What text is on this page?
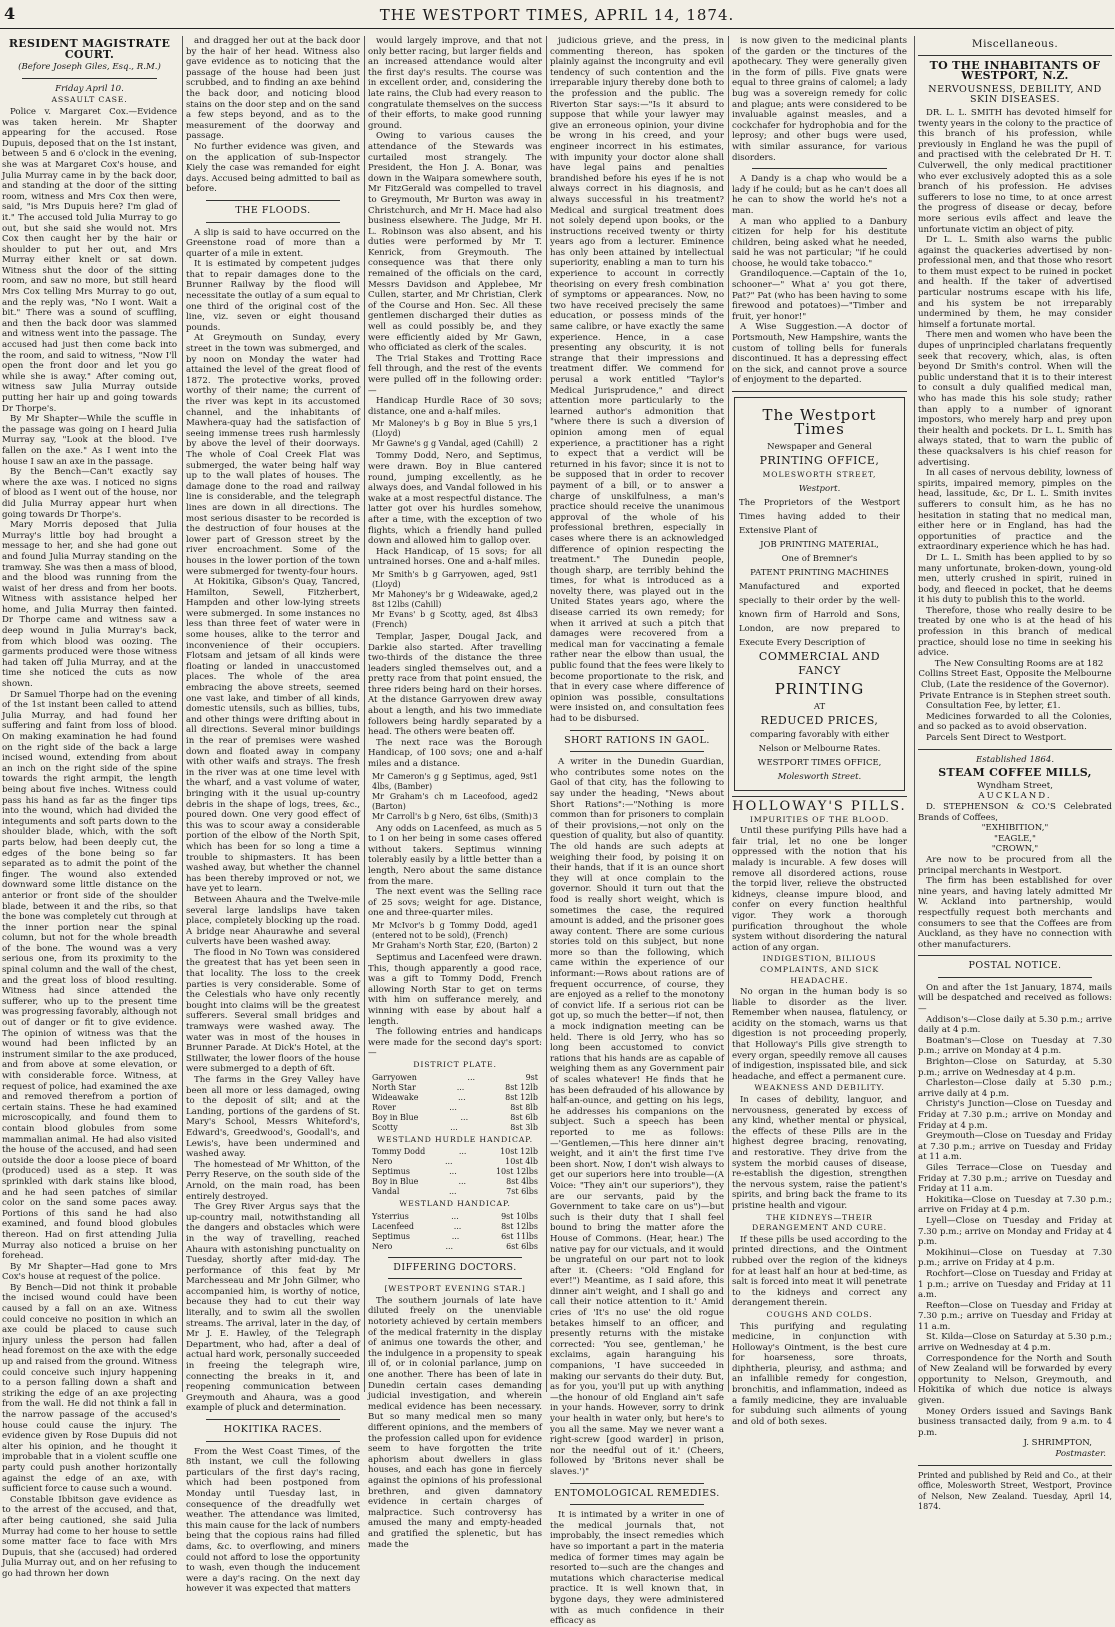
4	THE WESTPORT TIMES, APRIL 14, 1874.
RESIDENT MAGISTRATE COURT.
(Before Joseph Giles, Esq., R.M.)
Friday April 10.
ASSAULT CASE.

Police v. Margaret Cox.—Evidence was taken herein. Mr Shapter appearing for the accused. Rose Dupuis, deposed that on the 1st instant, between 5 and 6 o'clock in the evening, she was at Margaret Cox's house, and Julia Murray came in by the back door, and standing at the door of the sitting room, witness and Mrs Cox then were, said, "is Mrs Dupuis here? I'm glad of it." The accused told Julia Murray to go out, but she said she would not. Mrs Cox then caught her by the hair or shoulder to put her out, and Mrs Murray either knelt or sat down. Witness shut the door of the sitting room, and saw no more, but still heard Mrs Cox telling Mrs Murray to go out, and the reply was, "No I wont. Wait a bit." There was a sound of scuffling, and then the back door was slammed and witness went into the passage. The accused had just then come back into the room, and said to witness, "Now I'll open the front door and let you go while she is away." After coming out, witness saw Julia Murray outside putting her hair up and going towards Dr Thorpe's.

By Mr Shapter—While the scuffle in the passage was going on I heard Julia Murray say, "Look at the blood. I've fallen on the axe." As I went into the house I saw an axe in the passage.

By the Bench—Can't exactly say where the axe was. I noticed no signs of blood as I went out of the house, nor did Julia Murray appear hurt when going towards Dr Thorpe's.

Mary Morris deposed that Julia Murray's little boy had brought a message to her, and she had gone out and found Julia Murray standing on the tramway. She was then a mass of blood, and the blood was running from the waist of her dress and from her boots. Witness with assistance helped her home, and Julia Murray then fainted. Dr Thorpe came and witness saw a deep wound in Julia Murray's back, from which blood was oozing. The garments produced were those witness had taken off Julia Murray, and at the time she noticed the cuts as now shown.

Dr Samuel Thorpe had on the evening of the 1st instant been called to attend Julia Murray, and had found her suffering and faint from loss of blood. On making examination he had found on the right side of the back a large incised wound, extending from about an inch on the right side of the spine towards the right armpit, the length being about five inches. Witness could pass his hand as far as the finger tips into the wound, which had divided the integuments and soft parts down to the shoulder blade, which, with the soft parts below, had been deeply cut, the edges of the bone being so far separated as to admit the point of the finger. The wound also extended downward some little distance on the anterior or front side of the shoulder blade, between it and the ribs, so that the bone was completely cut through at the inner portion near the spinal column, but not for the whole breadth of the bone. The wound was a very serious one, from its proximity to the spinal column and the wall of the chest, and the great loss of blood resulting. Witness had since attended the sufferer, who up to the present time was progressing favorably, although not out of danger or fit to give evidence. The opinion of witness was that the wound had been inflicted by an instrument similar to the axe produced, and from above at some elevation, or with considerable force. Witness, at request of police, had examined the axe and removed therefrom a portion of certain stains. These he had examined microscopically, and found them to contain blood globules from some mammalian animal. He had also visited the house of the accused, and had seen outside the door a loose piece of board (produced) used as a step. It was sprinkled with dark stains like blood, and he had seen patches of similar color on the sand some paces away. Portions of this sand he had also examined, and found blood globules thereon. Had on first attending Julia Murray also noticed a bruise on her forehead.

By Mr Shapter—Had gone to Mrs Cox's house at request of the police.

By Bench—Did not think it probable the incised wound could have been caused by a fall on an axe. Witness could conceive no position in which an axe could be placed to cause such injury unless the person had fallen head foremost on the axe with the edge up and raised from the ground. Witness could conceive such injury happening to a person falling down a shaft and striking the edge of an axe projecting from the wall. He did not think a fall in the narrow passage of the accused's house could cause the injury. The evidence given by Rose Dupuis did not alter his opinion, and he thought it improbable that in a violent scuffle one party could push another horizontally against the edge of an axe, with sufficient force to cause such a wound.

Constable Ibbitson gave evidence as to the arrest of the accused, and that, after being cautioned, she said Julia Murray had come to her house to settle some matter face to face with Mrs Dupuis, that she (accused) had ordered Julia Murray out, and on her refusing to go had thrown her down

and dragged her out at the back door by the hair of her head. Witness also gave evidence as to noticing that the passage of the house had been just scrubbed, and to finding an axe behind the back door, and noticing blood stains on the door step and on the sand a few steps beyond, and as to the measurement of the doorway and passage.

No further evidence was given, and on the application of sub-Inspector Kiely the case was remanded for eight days. Accused being admitted to bail as before.

THE FLOODS.

A slip is said to have occurred on the Greenstone road of more than a quarter of a mile in extent.

It is estimated by competent judges that to repair damages done to the Brunner Railway by the flood will necessitate the outlay of a sum equal to one third of the original cost of the line, viz. seven or eight thousand pounds.

At Greymouth on Sunday, every street in the town was submerged, and by noon on Monday the water had attained the level of the great flood of 1872. The protective works, proved worthy of their name; the current of the river was kept in its accustomed channel, and the inhabitants of Mawhera-quay had the satisfaction of seeing immense trees rush harmlessly by above the level of their doorways. The whole of Coal Creek Flat was submerged, the water being half way up to the wall plates of houses. The damage done to the road and railway line is considerable, and the telegraph lines are down in all directions. The most serious disaster to be recorded is the destruction of four houses at the lower part of Gresson street by the river encroachment. Some of the houses in the lower portion of the town were submerged for twenty-four hours.

At Hokitika, Gibson's Quay, Tancred, Hamilton, Sewell, Fitzherbert, Hampden and other low-lying streets were submerged. In some instances no less than three feet of water were in some houses, alike to the terror and inconvenience of their occupiers. Flotsam and jetsam of all kinds were floating or landed in unaccustomed places. The whole of the area embracing the above streets, seemed one vast lake, and timber of all kinds, domestic utensils, such as billies, tubs, and other things were drifting about in all directions. Several minor buildings in the rear of premises were washed down and floated away in company with other waifs and strays. The fresh in the river was at one time level with the wharf, and a vast volume of water, bringing with it the usual up-country debris in the shape of logs, trees, &c., poured down. One very good effect of this was to scour away a considerable portion of the elbow of the North Spit, which has been for so long a time a trouble to shipmasters. It has been washed away, but whether the channel has been thereby improved or not, we have yet to learn.

Between Ahaura and the Twelve-mile several large landslips have taken place, completely blocking up the road. A bridge near Ahaurawhe and several culverts have been washed away.

The flood in No Town was considered the greatest that has yet been seen in that locality. The loss to the creek parties is very considerable. Some of the Celestials who have only recently bought into claims will be the greatest sufferers. Several small bridges and tramways were washed away. The water was in most of the houses in Brunner Parade. At Dick's Hotel, at the Stillwater, the lower floors of the house were submerged to a depth of 6ft.

The farms in the Grey Valley have been all more or less damaged, owing to the deposit of silt; and at the Landing, portions of the gardens of St. Mary's School, Messrs Whiteford's, Edward's, Greedwood's, Goodall's, and Lewis's, have been undermined and washed away.

The homestead of Mr Whitton, of the Perry Reserve, on the south side of the Arnold, on the main road, has been entirely destroyed.

The Grey River Argus says that the up-country mail, notwithstanding all the dangers and obstacles which were in the way of travelling, reached Ahaura with astonishing punctuality on Tuesday, shortly after mid-day. The performance of this feat by Mr Marchesseau and Mr John Gilmer, who accompanied him, is worthy of notice, because they had to cut their way literally, and to swim all the swollen streams. The arrival, later in the day, of Mr J. E. Hawley, of the Telegraph Department, who had, after a deal of actual hard work, personally succeeded in freeing the telegraph wire, connecting the breaks in it, and reopening communication between Greymouth and Ahaura, was a good example of pluck and determination.

HOKITIKA RACES.

From the West Coast Times, of the 8th instant, we cull the following particulars of the first day's racing, which had been postponed from Monday until Tuesday last, in consequence of the dreadfully wet weather. The attendance was limited, this main cause for the lack of numbers being that the copious rains had filled dams, &c. to overflowing, and miners could not afford to lose the opportunity to wash, even though the inducement were a day's racing. On the next day however it was expected that matters

would largely improve, and that not only better racing, but larger fields and an increased attendance would alter the first day's results. The course was in excellent order, and, considering the late rains, the Club had every reason to congratulate themselves on the success of their efforts, to make good running ground.

Owing to various causes the attendance of the Stewards was curtailed most strangely. The President, the Hon J. A. Bonar, was down in the Waipara somewhere south, Mr FitzGerald was compelled to travel to Greymouth, Mr Burton was away in Christchurch, and Mr H. Mace had also business elsewhere. The Judge, Mr H. L. Robinson was also absent, and his duties were performed by Mr T. Kenrick, from Greymouth. The consequence was that there only remained of the officials on the card, Messrs Davidson and Applebee, Mr Cullen, starter, and Mr Christian, Clerk of the Course and Hon. Sec. All these gentlemen discharged their duties as well as could possibly be, and they were efficiently aided by Mr Gawn, who officiated as clerk of the scales.

The Trial Stakes and Trotting Race fell through, and the rest of the events were pulled off in the following order:—

Handicap Hurdle Race of 30 sovs; distance, one and a-half miles.

Mr Maloney's b g Boy in Blue 5 yrs, (Lloyd)
1
Mr Gawne's g g Vandal, aged (Cahill) 2

Tommy Dodd, Nero, and Septimus, were drawn. Boy in Blue cantered round, jumping excellently, as he always does, and Vandal followed in his wake at a most respectful distance. The latter got over his hurdles somehow, after a time, with the exception of two flights, which a friendly hand pulled down and allowed him to gallop over.

Hack Handicap, of 15 sovs; for all untrained horses. One and a-half miles.

Mr Smith's b g Garryowen, aged, 9st (Lloyd)
1
Mr Mahoney's br g Wideawake, aged, 8st 12lbs (Cahill)
2
Mr Evans' b g Scotty, aged, 8st 4lbs (French)
3

Templar, Jasper, Dougal Jack, and Darkie also started. After travelling two-thirds of the distance the three leaders singled themselves out, and a pretty race from that point ensued, the three riders being hard on their horses. At the distance Garryowen drew away about a length, and his two immediate followers being hardly separated by a head. The others were beaten off.

The next race was the Borough Handicap, of 100 sovs; one and a-half miles and a distance.

Mr Cameron's g g Septimus, aged, 9st 4lbs, (Bamber)
1
Mr Graham's ch m Laceofood, aged (Barton)
2
Mr Carroll's b g Nero, 6st 6lbs, (Smith) 3

Any odds on Lacenfeed, as much as 5 to 1 on her being in some cases offered without takers. Septimus winning tolerably easily by a little better than a length, Nero about the same distance from the mare.

The next event was the Selling race of 25 sovs; weight for age. Distance, one and three-quarter miles.

Mr McIvor's b g Tommy Dodd, aged (entered not to be sold), (French)
1
Mr Graham's North Star, £20, (Barton) 2

Septimus and Lacenfeed were drawn. This, though apparently a good race, was a gift to Tommy Dodd, French allowing North Star to get on terms with him on sufferance merely, and winning with ease by about half a length.

The following entries and handicaps were made for the second day's sport:—

DISTRICT PLATE.
Garryowen	...	9st
North Star	...	8st 12lb
Wideawake	...	8st 12lb
Rover	...	8st 8lb
Boy in Blue	...	8st 6lb
Scotty	...	8st 3lb
WESTLAND HURDLE HANDICAP.
Tommy Dodd	...	10st 12lb
Nero	...	10st 4lb
Septimus	...	10st 12lbs
Boy in Blue	...	8st 4lbs
Vandal	...	7st 6lbs
WESTLAND HANDICAP.
Ysterrius	...	9st 10lbs
Lacenfeed	...	8st 12lbs
Septimus	...	6st 11lbs
Nero	...	6st 6lbs
DIFFERING DOCTORS.
[WESTPORT EVENING STAR.]

The southern journals of late have diluted freely on the unenviable notoriety achieved by certain members of the medical fraternity in the display of animus one towards the other, and the indulgence in a propensity to speak ill of, or in colonial parlance, jump on one another. There has been of late in Dunedin certain cases demanding judicial investigation, and wherein medical evidence has been necessary. But so many medical men so many different opinions, and the members of the profession called upon for evidence seem to have forgotten the trite aphorism about dwellers in glass houses, and each has gone in fiercely against the opinions of his professional brethren, and given damnatory evidence in certain charges of malpractice. Such controversy has amused the many and empty-headed and gratified the splenetic, but has made the

judicious grieve, and the press, in commenting thereon, has spoken plainly against the incongruity and evil tendency of such contention and the irreparable injury thereby done both to the profession and the public. The Riverton Star says:—"Is it absurd to suppose that while your lawyer may give an erroneous opinion, your divine be wrong in his creed, and your engineer incorrect in his estimates, with impunity your doctor alone shall have legal pains and penalties brandished before his eyes if he is not always correct in his diagnosis, and always successful in his treatment? Medical and surgical treatment does not solely depend upon books, or the instructions received twenty or thirty years ago from a lecturer. Eminence has only been attained by intellectual superiority, enabling a man to turn his experience to account in correctly theorising on every fresh combination of symptoms or appearances. Now, no two have received precisely the same education, or possess minds of the same calibre, or have exactly the same experience. Hence, in a case presenting any obscurity, it is not strange that their impressions and treatment differ. We commend for perusal a work entitled "Taylor's Medical Jurisprudence," and direct attention more particularly to the learned author's admonition that "where there is such a diversion of opinion among men of equal experience, a practitioner has a right to expect that a verdict will be returned in his favor; since it is not to be supposed that in order to recover payment of a bill, or to answer a charge of unskilfulness, a man's practice should receive the unanimous approval of the whole of his professional brethren, especially in cases where there is an acknowledged difference of opinion respecting the treatment." The Dunedin people, though sharp, are terribly behind the times, for what is introduced as a novelty there, was played out in the United States years ago, where the disease carried its own remedy; for when it arrived at such a pitch that damages were recovered from a medical man for vaccinating a female rather near the elbow than usual, the public found that the fees were likely to become proportionate to the risk, and that in every case where difference of opinion was possible, consultations were insisted on, and consultation fees had to be disbursed.

SHORT RATIONS IN GAOL.

A writer in the Dunedin Guardian, who contributes some notes on the Gaol of that city, has the following to say under the heading, "News about Short Rations":—"Nothing is more common than for prisoners to complain of their provisions,—not only on the question of quality, but also of quantity. The old hands are such adepts at weighing their food, by poising it on their hands, that if it is an ounce short they will at once complain to the governor. Should it turn out that the food is really short weight, which is sometimes the case, the required amount is added, and the prisoner goes away content. There are some curious stories told on this subject, but none more so than the following, which came within the experience of our informant:—Rows about rations are of frequent occurrence, of course, they are enjoyed as a relief to the monotony of convict life. If a serious riot can be got up, so much the better—if not, then a mock indignation meeting can be held. There is old Jerry, who has so long been accustomed to convict rations that his hands are as capable of weighing them as any Government pair of scales whatever! He finds that he has been defrauded of his allowance by half-an-ounce, and getting on his legs, he addresses his companions on the subject. Such a speech has been reported to me as follows:—'Gentlemen,—This here dinner ain't weight, and it ain't the first time I've been short. Now, I don't wish always to get our superiors here into trouble—(A Voice: "They ain't our superiors"), they are our servants, paid by the Government to take care on us")—but such is their duty that I shall feel bound to bring the matter afore the House of Commons. (Hear, hear.) The native pay for our victuals, and it would be ungrateful on our part not to look after it. (Cheers: "Old England for ever!") Meantime, as I said afore, this dinner ain't weight, and I shall go and call their notice attention to it.' Amid cries of 'It's no use' the old rogue betakes himself to an officer, and presently returns with the mistake corrected: 'You see, gentleman,' he exclaims, again haranguing his companions, 'I have succeeded in making our servants do their duty. But, as for you, you'll put up with anything—the honour of old England ain't safe in your hands. However, sorry to drink your health in water only, but here's to you all the same. May we never want a right-screw [good warder] in prison, nor the needful out of it.' (Cheers, followed by 'Britons never shall be slaves.')"

ENTOMOLOGICAL REMEDIES.

It is intimated by a writer in one of the medical journals that, not improbably, the insect remedies which have so important a part in the materia medica of former times may again be resorted to—such are the changes and mutations which characterise medical practice. It is well known that, in bygone days, they were administered with as much confidence in their efficacy as

is now given to the medicinal plants of the garden or the tinctures of the apothecary. They were generally given in the form of pills. Five gnats were equal to three grains of calomel; a lady bug was a sovereign remedy for colic and plague; ants were considered to be invaluable against measles, and a cockchafer for hydrophobia and for the leprosy; and other bugs were used, with similar assurance, for various disorders.

A Dandy is a chap who would be a lady if he could; but as he can't does all he can to show the world he's not a man.

A man who applied to a Danbury citizen for help for his destitute children, being asked what he needed, said he was not particular; "if he could choose, he would take tobacco."

Grandiloquence.—Captain of the 1o, schooner—" What a' you got there, Pat?" Pat (who has been having to some firewood and potatoes)—"Timber and fruit, yer honor!"

A Wise Suggestion.—A doctor of Portsmouth, New Hampshire, wants the custom of tolling bells for funerals discontinued. It has a depressing effect on the sick, and cannot prove a source of enjoyment to the departed.

The Westport Times
Newspaper and General
PRINTING OFFICE,
MOLESWORTH STREET,
Westport.
The Proprietors of the Westport Times having added to their Extensive Plant of
JOB PRINTING MATERIAL,
One of Bremner's
PATENT PRINTING MACHINES
Manufactured and exported specially to their order by the well-known firm of Harrold and Sons, London, are now prepared to Execute Every Description of
COMMERCIAL AND FANCY
PRINTING
AT
REDUCED PRICES,
comparing favorably with either
Nelson or Melbourne Rates.
WESTPORT TIMES OFFICE,
Molesworth Street.
HOLLOWAY'S PILLS.
IMPURITIES OF THE BLOOD.

Until these purifying Pills have had a fair trial, let no one be longer oppressed with the notion that his malady is incurable. A few doses will remove all disordered actions, rouse the torpid liver, relieve the obstructed kidneys, cleanse impure blood, and confer on every function healthful vigor. They work a thorough purification throughout the whole system without disordering the natural action of any organ.

INDIGESTION, BILIOUS COMPLAINTS, AND SICK HEADACHE.

No organ in the human body is so liable to disorder as the liver. Remember when nausea, flatulency, or acidity on the stomach, warns us that digestion is not proceeding properly, that Holloway's Pills give strength to every organ, speedily remove all causes of indigestion, inspissated bile, and sick headache, and effect a permanent cure.

WEAKNESS AND DEBILITY.

In cases of debility, languor, and nervousness, generated by excess of any kind, whether mental or physical, the effects of these Pills are in the highest degree bracing, renovating, and restorative. They drive from the system the morbid causes of disease, re-establish the digestion, strengthen the nervous system, raise the patient's spirits, and bring back the frame to its pristine health and vigour.

THE KIDNEYS—THEIR DERANGEMENT AND CURE.

If these pills be used according to the printed directions, and the Ointment rubbed over the region of the kidneys for at least half an hour at bed-time, as salt is forced into meat it will penetrate to the kidneys and correct any derangement therein.

COUGHS AND COLDS.

This purifying and regulating medicine, in conjunction with Holloway's Ointment, is the best cure for hoarseness, sore throats, diphtheria, pleurisy, and asthma; and an infallible remedy for congestion, bronchitis, and inflammation, indeed as a family medicine, they are invaluable for subduing such ailments of young and old of both sexes.

Miscellaneous.
TO THE INHABITANTS OF WESTPORT, N.Z.
NERVOUSNESS, DEBILITY, AND SKIN DISEASES.

DR. L. L. SMITH has devoted himself for twenty years in the colony to the practice of this branch of his profession, while previously in England he was the pupil of and practised with the celebrated Dr H. T. Culverwell, the only medical practitioner who ever exclusively adopted this as a sole branch of his profession. He advises sufferers to lose no time, to at once arrest the progress of disease or decay, before more serious evils affect and leave the unfortunate victim an object of pity.

Dr L. L. Smith also warns the public against the quackeries advertised by non-professional men, and that those who resort to them must expect to be ruined in pocket and health. If the taker of advertised particular nostrums escape with his life, and his system be not irreparably undermined by them, he may consider himself a fortunate mortal.

There men and women who have been the dupes of unprincipled charlatans frequently seek that recovery, which, alas, is often beyond Dr Smith's control. When will the public understand that it is to their interest to consult a duly qualified medical man, who has made this his sole study; rather than apply to a number of ignorant impostors, who merely harp and prey upon their health and pockets. Dr L. L. Smith has always stated, that to warn the public of these quacksalvers is his chief reason for advertising.

In all cases of nervous debility, lowness of spirits, impaired memory, pimples on the head, lassitude, &c, Dr L. L. Smith invites sufferers to consult him, as he has no hesitation in stating that no medical man, either here or in England, has had the opportunities of practice and the extraordinary experience which he has had.

Dr L. L. Smith has been applied to by so many unfortunate, broken-down, young-old men, utterly crushed in spirit, ruined in body, and fleeced in pocket, that he deems it his duty to publish this to the world.

Therefore, those who really desire to be treated by one who is at the head of his profession in this branch of medical practice, should lose no time in seeking his advice.

The New Consulting Rooms are at 182 Collins Street East, Opposite the Melbourne Club, (Late the residence of the Governor). Private Entrance is in Stephen street south.

Consultation Fee, by letter, £1.

Medicines forwarded to all the Colonies, and so packed as to avoid observation.

Parcels Sent Direct to Westport.

Established 1864.
STEAM COFFEE MILLS,
Wyndham Street,
AUCKLAND.

D. STEPHENSON & CO.'S Celebrated Brands of Coffees,

"EXHIBITION,"
"EAGLE,"
"CROWN,"

Are now to be procured from all the principal merchants in Westport.

The firm has been established for over nine years, and having lately admitted Mr W. Ackland into partnership, would respectfully request both merchants and consumers to see that the Coffees are from Auckland, as they have no connection with other manufacturers.

POSTAL NOTICE.

On and after the 1st January, 1874, mails will be despatched and received as follows:—

Addison's—Close daily at 5.30 p.m.; arrive daily at 4 p.m.

Boatman's—Close on Tuesday at 7.30 p.m.; arrive on Monday at 4 p.m.

Brighton—Close on Saturday, at 5.30 p.m.; arrive on Wednesday at 4 p.m.

Charleston—Close daily at 5.30 p.m.; arrive daily at 4 p.m.

Christy's Junction—Close on Tuesday and Friday at 7.30 p.m.; arrive on Monday and Friday at 4 p.m.

Greymouth—Close on Tuesday and Friday at 7.30 p.m.; arrive on Tuesday and Friday at 11 a.m.

Giles Terrace—Close on Tuesday and Friday at 7.30 p.m.; arrive on Tuesday and Friday at 11 a.m.

Hokitika—Close on Tuesday at 7.30 p.m.; arrive on Friday at 4 p.m.

Lyell—Close on Tuesday and Friday at 7.30 p.m.; arrive on Monday and Friday at 4 p.m.

Mokihinui—Close on Tuesday at 7.30 p.m.; arrive on Friday at 4 p.m.

Rochfort—Close on Tuesday and Friday at 1 p.m.; arrive on Tuesday and Friday at 11 a.m.

Reefton—Close on Tuesday and Friday at 7.30 p.m.; arrive on Tuesday and Friday at 11 a.m.

St. Kilda—Close on Saturday at 5.30 p.m.; arrive on Wednesday at 4 p.m.

Correspondence for the North and South of New Zealand will be forwarded by every opportunity to Nelson, Greymouth, and Hokitika of which due notice is always given.

Money Orders issued and Savings Bank business transacted daily, from 9 a.m. to 4 p.m.

J. SHRIMPTON,
Postmaster.
Printed and published by Reid and Co., at their office, Molesworth Street, Westport, Province of Nelson, New Zealand. Tuesday, April 14, 1874.
